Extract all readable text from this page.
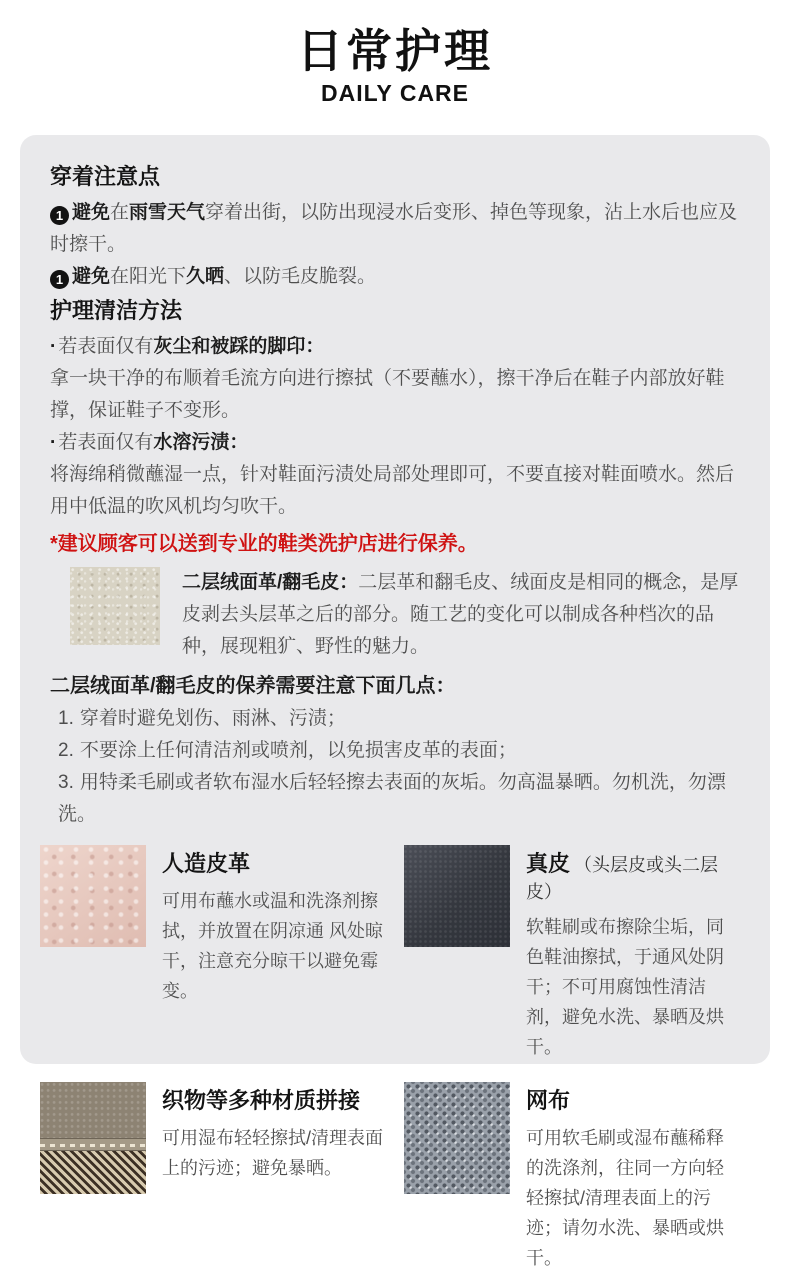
日常护理
DAILY CARE
穿着注意点

1 避免在雨雪天气穿着出街，以防出现浸水后变形、掉色等现象，沾上水后也应及时擦干。

1 避免在阳光下久晒、以防毛皮脆裂。

护理清洁方法

· 若表面仅有灰尘和被踩的脚印：

拿一块干净的布顺着毛流方向进行擦拭（不要蘸水），擦干净后在鞋子内部放好鞋撑，保证鞋子不变形。

· 若表面仅有水溶污渍：

将海绵稍微蘸湿一点，针对鞋面污渍处局部处理即可，不要直接对鞋面喷水。然后用中低温的吹风机均匀吹干。

*建议顾客可以送到专业的鞋类洗护店进行保养。

二层绒面革/翻毛皮：二层革和翻毛皮、绒面皮是相同的概念，是厚皮剥去头层革之后的部分。随工艺的变化可以制成各种档次的品种，展现粗犷、野性的魅力。

二层绒面革/翻毛皮的保养需要注意下面几点：
1. 穿着时避免划伤、雨淋、污渍；
2. 不要涂上任何清洁剂或喷剂，以免损害皮革的表面；
3. 用特柔毛刷或者软布湿水后轻轻擦去表面的灰垢。勿高温暴晒。勿机洗，勿漂洗。
人造皮革

可用布蘸水或温和洗涤剂擦拭，并放置在阴凉通 风处晾干，注意充分晾干以避免霉变。

真皮 （头层皮或头二层皮）

软鞋刷或布擦除尘垢，同色鞋油擦拭，于通风处阴干；不可用腐蚀性清洁剂，避免水洗、暴晒及烘干。

织物等多种材质拼接

可用湿布轻轻擦拭/清理表面上的污迹；避免暴晒。

网布

可用软毛刷或湿布蘸稀释的洗涤剂，往同一方向轻轻擦拭/清理表面上的污迹；请勿水洗、暴晒或烘干。
